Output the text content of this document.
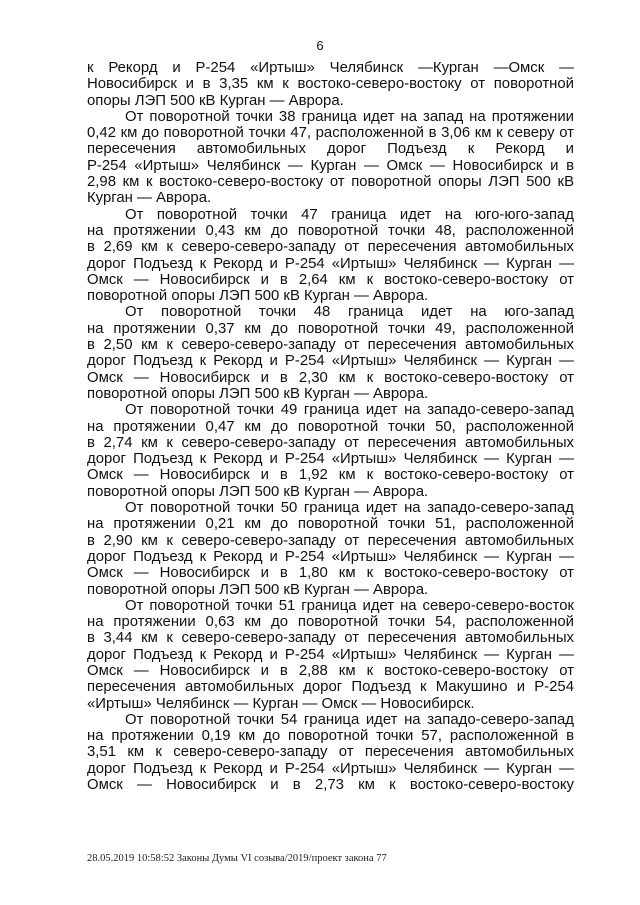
6

к Рекорд и Р-254 «Иртыш» Челябинск —Курган —Омск —

Новосибирск и в 3,35 км к востоко-северо-востоку от поворотной

опоры ЛЭП 500 кВ Курган — Аврора.

От поворотной точки 38 граница идет на запад на протяжении

0,42 км до поворотной точки 47, расположенной в 3,06 км к северу от

пересечения автомобильных дорог Подъезд к Рекорд и

Р-254 «Иртыш» Челябинск — Курган — Омск — Новосибирск и в

2,98 км к востоко-северо-востоку от поворотной опоры ЛЭП 500 кВ

Курган — Аврора.

От поворотной точки 47 граница идет на юго-юго-запад

на протяжении 0,43 км до поворотной точки 48, расположенной

в 2,69 км к северо-северо-западу от пересечения автомобильных

дорог Подъезд к Рекорд и Р-254 «Иртыш» Челябинск — Курган —

Омск — Новосибирск и в 2,64 км к востоко-северо-востоку от

поворотной опоры ЛЭП 500 кВ Курган — Аврора.

От поворотной точки 48 граница идет на юго-запад

на протяжении 0,37 км до поворотной точки 49, расположенной

в 2,50 км к северо-северо-западу от пересечения автомобильных

дорог Подъезд к Рекорд и Р-254 «Иртыш» Челябинск — Курган —

Омск — Новосибирск и в 2,30 км к востоко-северо-востоку от

поворотной опоры ЛЭП 500 кВ Курган — Аврора.

От поворотной точки 49 граница идет на западо-северо-запад

на протяжении 0,47 км до поворотной точки 50, расположенной

в 2,74 км к северо-северо-западу от пересечения автомобильных

дорог Подъезд к Рекорд и Р-254 «Иртыш» Челябинск — Курган —

Омск — Новосибирск и в 1,92 км к востоко-северо-востоку от

поворотной опоры ЛЭП 500 кВ Курган — Аврора.

От поворотной точки 50 граница идет на западо-северо-запад

на протяжении 0,21 км до поворотной точки 51, расположенной

в 2,90 км к северо-северо-западу от пересечения автомобильных

дорог Подъезд к Рекорд и Р-254 «Иртыш» Челябинск — Курган —

Омск — Новосибирск и в 1,80 км к востоко-северо-востоку от

поворотной опоры ЛЭП 500 кВ Курган — Аврора.

От поворотной точки 51 граница идет на северо-северо-восток

на протяжении 0,63 км до поворотной точки 54, расположенной

в 3,44 км к северо-северо-западу от пересечения автомобильных

дорог Подъезд к Рекорд и Р-254 «Иртыш» Челябинск — Курган —

Омск — Новосибирск и в 2,88 км к востоко-северо-востоку от

пересечения автомобильных дорог Подъезд к Макушино и Р-254

«Иртыш» Челябинск — Курган — Омск — Новосибирск.

От поворотной точки 54 граница идет на западо-северо-запад

на протяжении 0,19 км до поворотной точки 57, расположенной в

3,51 км к северо-северо-западу от пересечения автомобильных

дорог Подъезд к Рекорд и Р-254 «Иртыш» Челябинск — Курган —

Омск — Новосибирск и в 2,73 км к востоко-северо-востоку

28.05.2019 10:58:52 Законы Думы VI созыва/2019/проект закона 77
